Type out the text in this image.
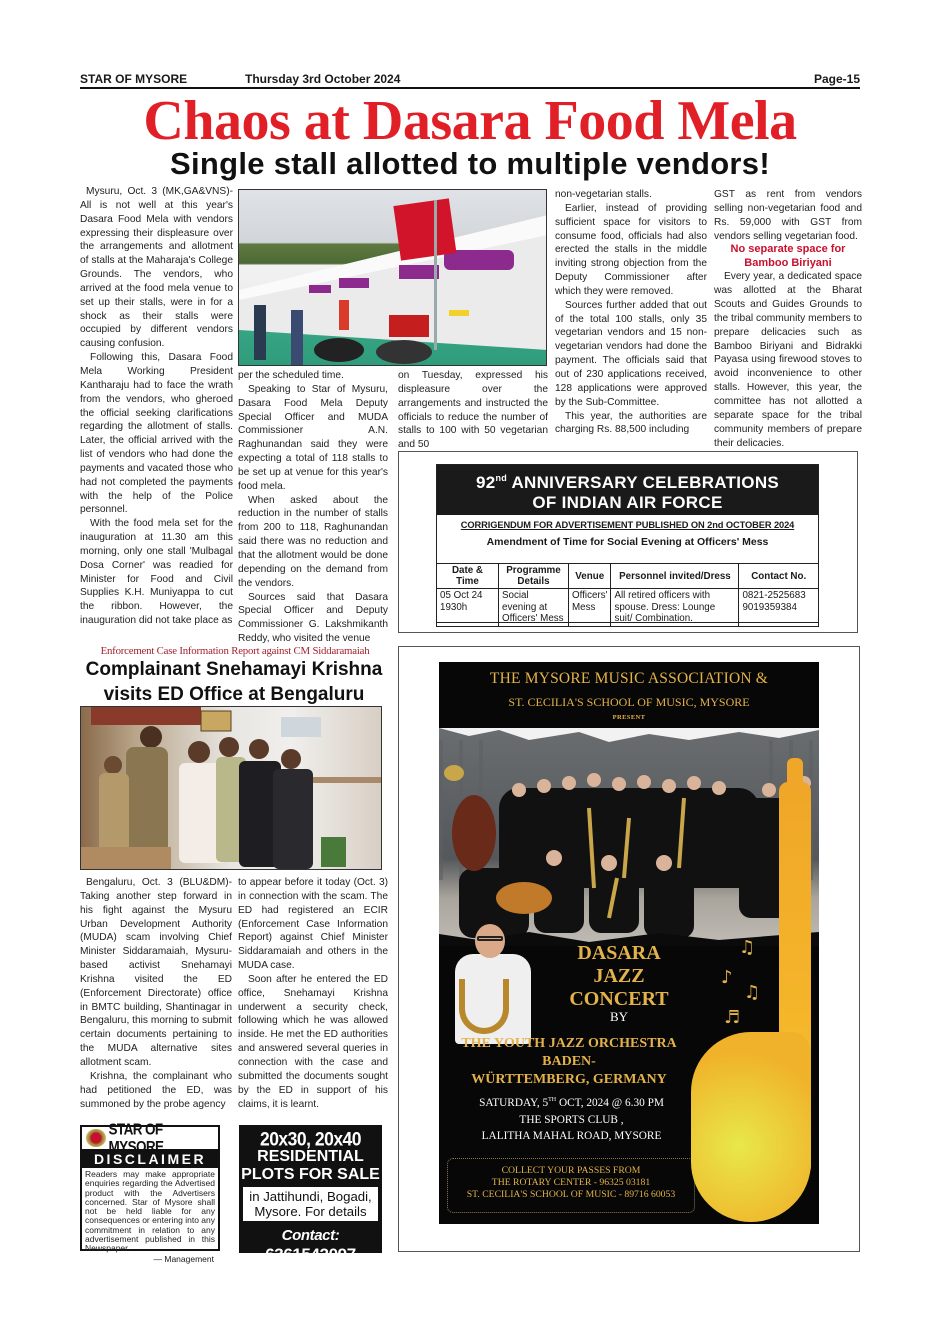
STAR OF MYSORE	Thursday 3rd October 2024	Page-15
Chaos at Dasara Food Mela
Single stall allotted to multiple vendors!

Mysuru, Oct. 3 (MK,GA&VNS)- All is not well at this year's Dasara Food Mela with vendors expressing their displeasure over the arrangements and allotment of stalls at the Maharaja's College Grounds. The vendors, who arrived at the food mela venue to set up their stalls, were in for a shock as their stalls were occupied by different vendors causing confusion.

Following this, Dasara Food Mela Working President Kantharaju had to face the wrath from the vendors, who gheroed the official seeking clarifications regarding the allotment of stalls. Later, the official arrived with the list of vendors who had done the payments and vacated those who had not completed the payments with the help of the Police personnel.

With the food mela set for the inauguration at 11.30 am this morning, only one stall 'Mulbagal Dosa Corner' was readied for Minister for Food and Civil Supplies K.H. Muniyappa to cut the ribbon. However, the inauguration did not take place as

per the scheduled time.

Speaking to Star of Mysuru, Dasara Food Mela Deputy Special Officer and MUDA Commissioner A.N. Raghunandan said they were expecting a total of 118 stalls to be set up at venue for this year's food mela.

When asked about the reduction in the number of stalls from 200 to 118, Raghunandan said there was no reduction and that the allotment would be done depending on the demand from the vendors.

Sources said that Dasara Special Officer and Deputy Commissioner G. Lakshmikanth Reddy, who visited the venue

on Tuesday, expressed his displeasure over the arrangements and instructed the officials to reduce the number of stalls to 100 with 50 vegetarian and 50

non-vegetarian stalls.

Earlier, instead of providing sufficient space for visitors to consume food, officials had also erected the stalls in the middle inviting strong objection from the Deputy Commissioner after which they were removed.

Sources further added that out of the total 100 stalls, only 35 vegetarian vendors and 15 non-vegetarian vendors had done the payment. The officials said that out of 230 applications received, 128 applications were approved by the Sub-Committee.

This year, the authorities are charging Rs. 88,500 including

GST as rent from vendors selling non-vegetarian food and Rs. 59,000 with GST from vendors selling vegetarian food.

No separate space for Bamboo Biriyani

Every year, a dedicated space was allotted at the Bharat Scouts and Guides Grounds to the tribal community members to prepare delicacies such as Bamboo Biriyani and Bidrakki Payasa using firewood stoves to avoid inconvenience to other stalls. However, this year, the committee has not allotted a separate space for the tribal community members of prepare their delicacies.

92nd ANNIVERSARY CELEBRATIONS
OF INDIAN AIR FORCE
CORRIGENDUM FOR ADVERTISEMENT PUBLISHED ON 2nd OCTOBER 2024
Amendment of Time for Social Evening at Officers' Mess
Date & Time	Programme Details	Venue	Personnel invited/Dress	Contact No.
05 Oct 24 1930h	Social evening at Officers' Mess	Officers' Mess	All retired officers with spouse. Dress: Lounge suit/ Combination.	0821-2525683 9019359384
Enforcement Case Information Report against CM Siddaramaiah
Complainant Snehamayi Krishna visits ED Office at Bengaluru

Bengaluru, Oct. 3 (BLU&DM)- Taking another step forward in his fight against the Mysuru Urban Development Authority (MUDA) scam involving Chief Minister Siddaramaiah, Mysuru-based activist Snehamayi Krishna visited the ED (Enforcement Directorate) office in BMTC building, Shantinagar in Bengaluru, this morning to submit certain documents pertaining to the MUDA alternative sites allotment scam.

Krishna, the complainant who had petitioned the ED, was summoned by the probe agency

to appear before it today (Oct. 3) in connection with the scam. The ED had registered an ECIR (Enforcement Case Information Report) against Chief Minister Siddaramaiah and others in the MUDA case.

Soon after he entered the ED office, Snehamayi Krishna underwent a security check, following which he was allowed inside. He met the ED authorities and answered several queries in connection with the case and submitted the documents sought by the ED in support of his claims, it is learnt.

STAR OF MYSORE
DISCLAIMER
Readers may make appropriate enquiries regarding the Advertised product with the Advertisers concerned. Star of Mysore shall not be held liable for any consequences or entering into any commitment in relation to any advertisement published in this Newspaper.
— Management
20x30, 20x40
RESIDENTIAL
PLOTS FOR SALE
in Jattihundi, Bogadi, Mysore. For details
Contact: 6361542097
THE MYSORE MUSIC ASSOCIATION &
ST. CECILIA'S SCHOOL OF MUSIC, MYSORE
PRESENT
DASARA
JAZZ
CONCERT
BY
THE YOUTH JAZZ ORCHESTRA
BADEN-
WÜRTTEMBERG, GERMANY
SATURDAY, 5TH OCT, 2024 @ 6.30 PM
THE SPORTS CLUB ,
LALITHA MAHAL ROAD, MYSORE
COLLECT YOUR PASSES FROM
THE ROTARY CENTER - 96325 03181
ST. CECILIA'S SCHOOL OF MUSIC - 89716 60053
♫
♪
♫
♬
